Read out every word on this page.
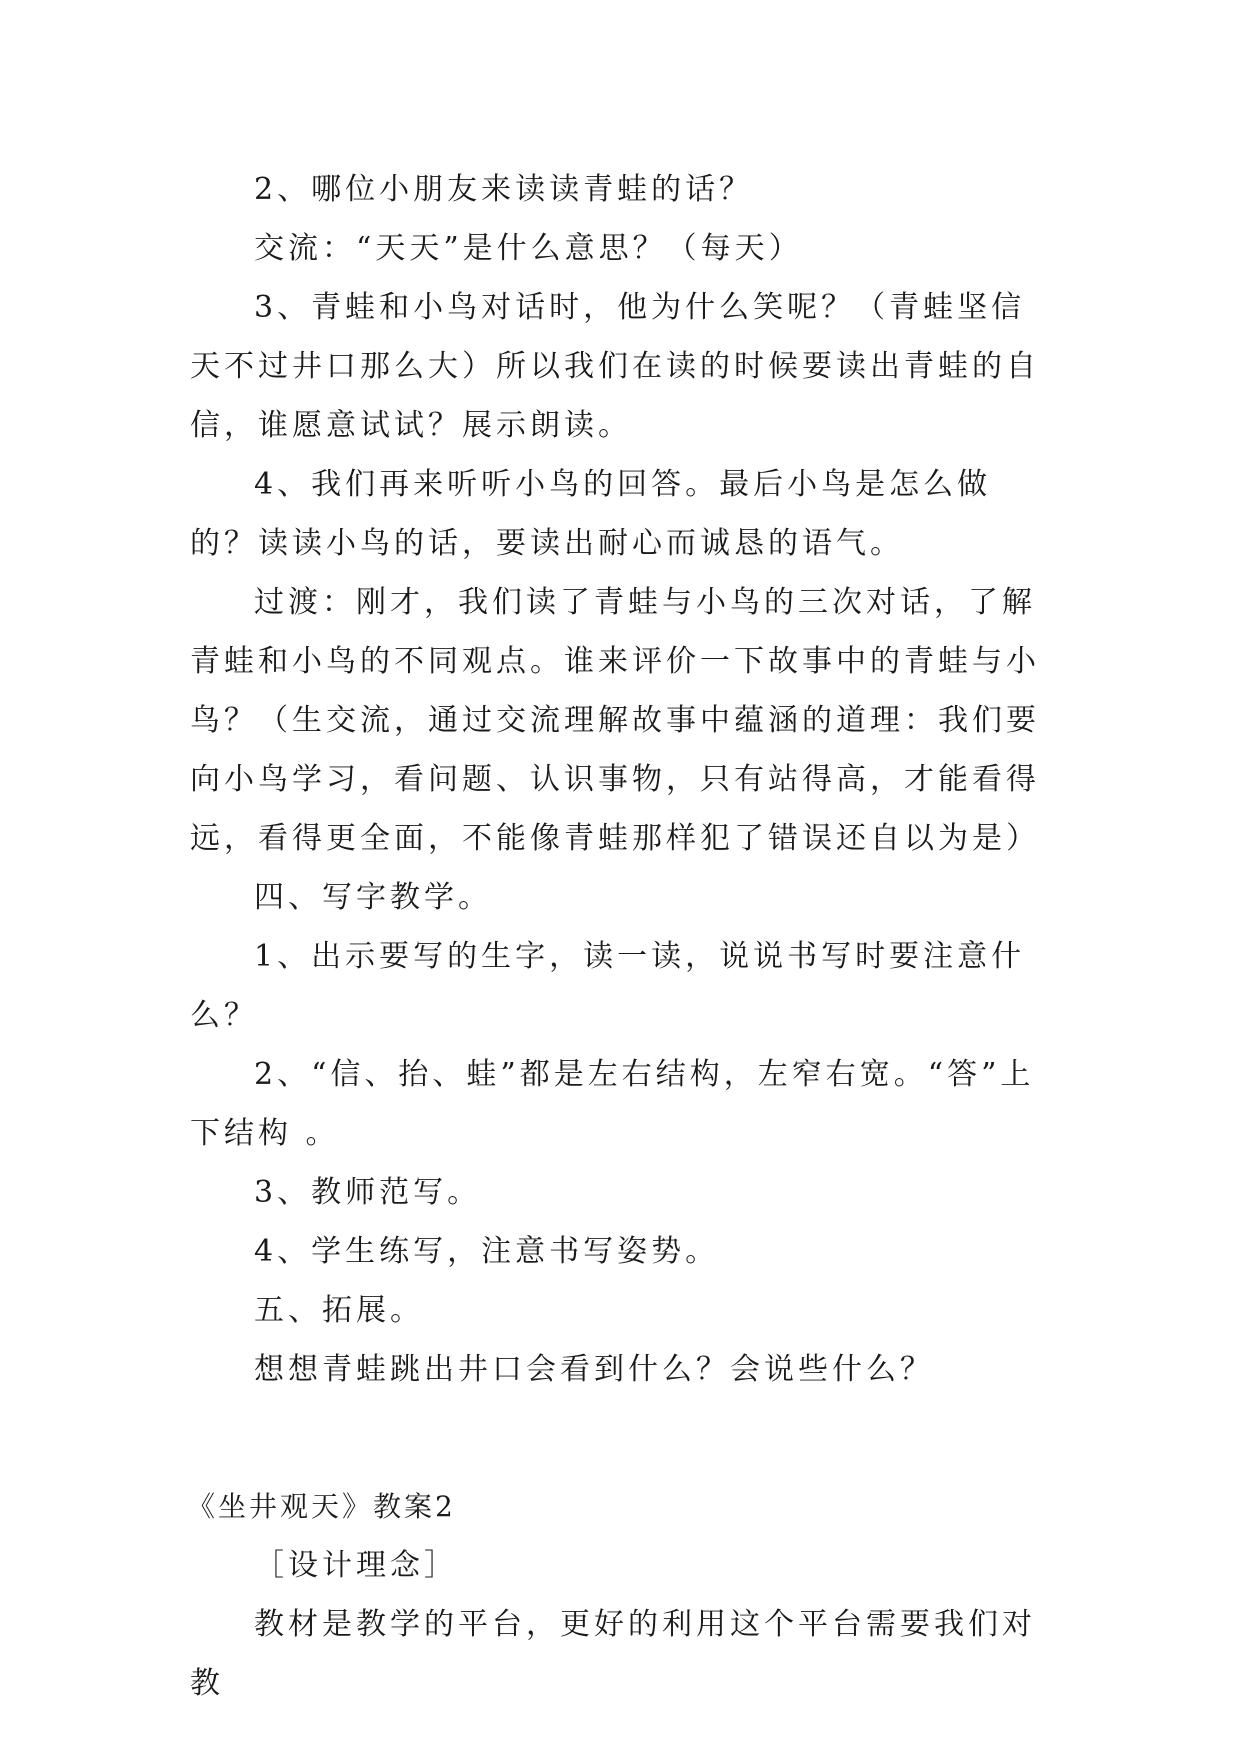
2、哪位小朋友来读读青蛙的话？

交流：“天天”是什么意思？（每天）

3、青蛙和小鸟对话时，他为什么笑呢？（青蛙坚信天不过井口那么大）所以我们在读的时候要读出青蛙的自信，谁愿意试试？展示朗读。

4、我们再来听听小鸟的回答。最后小鸟是怎么做的？读读小鸟的话，要读出耐心而诚恳的语气。

过渡：刚才，我们读了青蛙与小鸟的三次对话，了解青蛙和小鸟的不同观点。谁来评价一下故事中的青蛙与小鸟？（生交流，通过交流理解故事中蕴涵的道理：我们要向小鸟学习，看问题、认识事物，只有站得高，才能看得远，看得更全面，不能像青蛙那样犯了错误还自以为是）

四、写字教学。

1、出示要写的生字，读一读，说说书写时要注意什么？

2、“信、抬、蛙”都是左右结构，左窄右宽。“答”上下结构 。

3、教师范写。

4、学生练写，注意书写姿势。

五、拓展。

想想青蛙跳出井口会看到什么？会说些什么？

《坐井观天》教案2

［设计理念］

教材是教学的平台，更好的利用这个平台需要我们对教
